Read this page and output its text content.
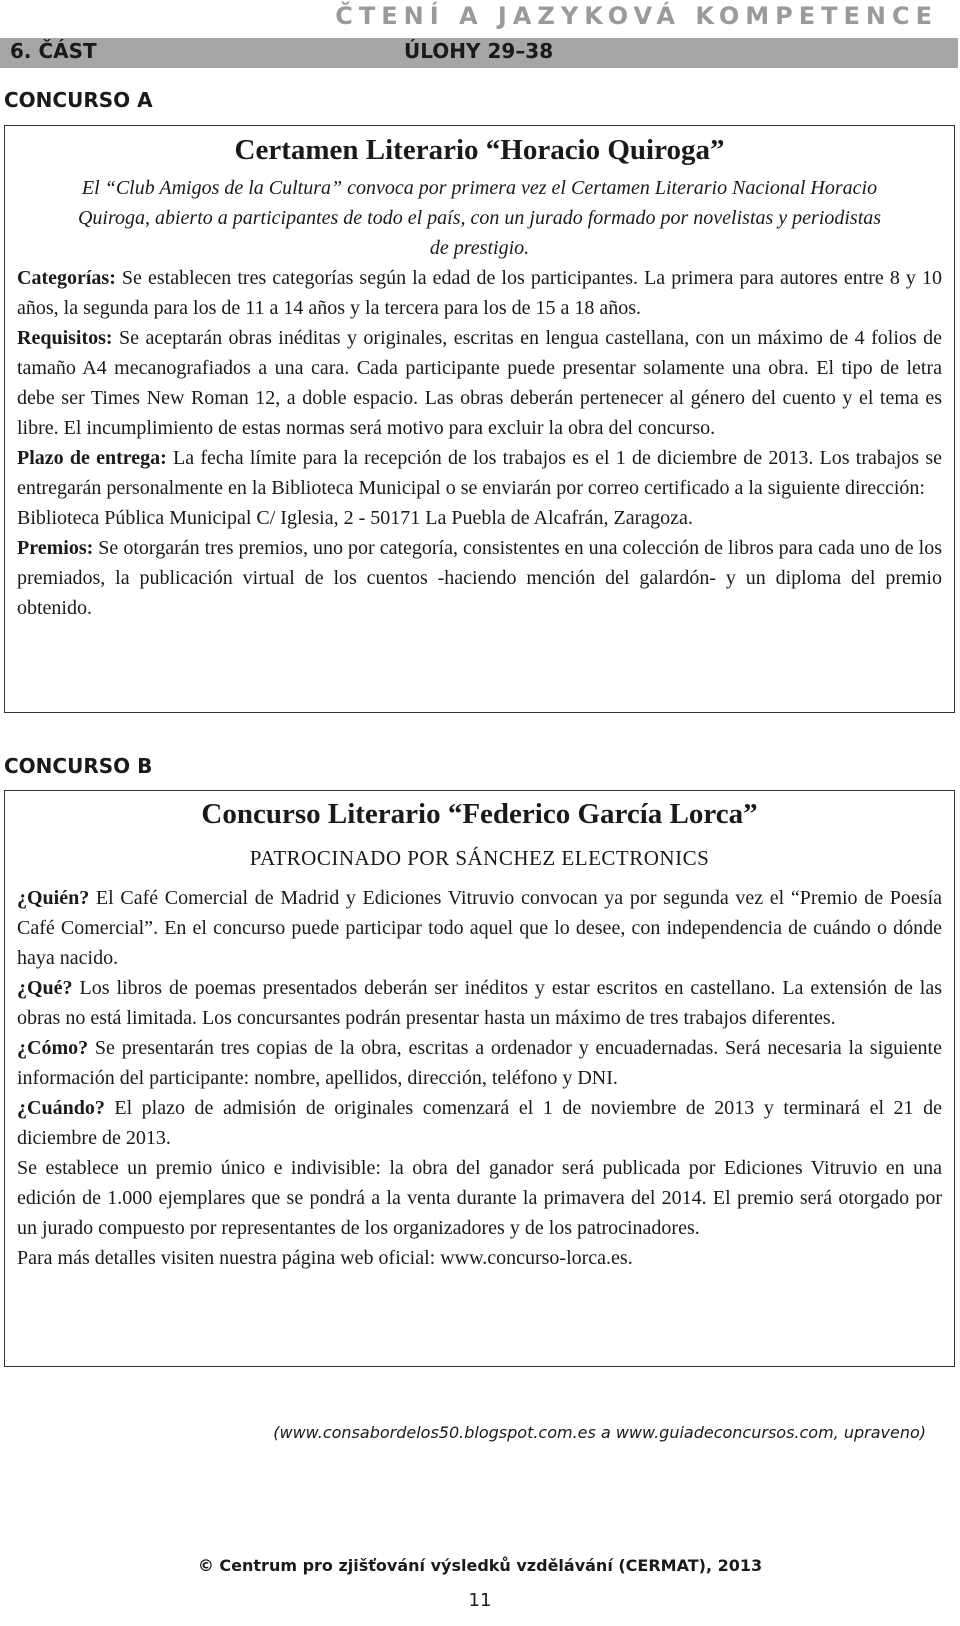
ČTENÍ A JAZYKOVÁ KOMPETENCE
6. ČÁST	ÚLOHY 29–38
CONCURSO A
Certamen Literario “Horacio Quiroga”

El “Club Amigos de la Cultura” convoca por primera vez el Certamen Literario Nacional Horacio Quiroga, abierto a participantes de todo el país, con un jurado formado por novelistas y periodistas de prestigio.

Categorías: Se establecen tres categorías según la edad de los participantes. La primera para autores entre 8 y 10 años, la segunda para los de 11 a 14 años y la tercera para los de 15 a 18 años.

Requisitos: Se aceptarán obras inéditas y originales, escritas en lengua castellana, con un máximo de 4 folios de tamaño A4 mecanografiados a una cara. Cada participante puede presentar solamente una obra. El tipo de letra debe ser Times New Roman 12, a doble espacio. Las obras deberán pertenecer al género del cuento y el tema es libre. El incumplimiento de estas normas será motivo para excluir la obra del concurso.

Plazo de entrega: La fecha límite para la recepción de los trabajos es el 1 de diciembre de 2013. Los trabajos se entregarán personalmente en la Biblioteca Municipal o se enviarán por correo certificado a la siguiente dirección:

Biblioteca Pública Municipal C/ Iglesia, 2 - 50171 La Puebla de Alcafrán, Zaragoza.

Premios: Se otorgarán tres premios, uno por categoría, consistentes en una colección de libros para cada uno de los premiados, la publicación virtual de los cuentos -haciendo mención del galardón- y un diploma del premio obtenido.

CONCURSO B
Concurso Literario “Federico García Lorca”

PATROCINADO POR SÁNCHEZ ELECTRONICS

¿Quién? El Café Comercial de Madrid y Ediciones Vitruvio convocan ya por segunda vez el “Premio de Poesía Café Comercial”. En el concurso puede participar todo aquel que lo desee, con independencia de cuándo o dónde haya nacido.

¿Qué? Los libros de poemas presentados deberán ser inéditos y estar escritos en castellano. La extensión de las obras no está limitada. Los concursantes podrán presentar hasta un máximo de tres trabajos diferentes.

¿Cómo? Se presentarán tres copias de la obra, escritas a ordenador y encuadernadas. Será necesaria la siguiente información del participante: nombre, apellidos, dirección, teléfono y DNI.

¿Cuándo? El plazo de admisión de originales comenzará el 1 de noviembre de 2013 y terminará el 21 de diciembre de 2013.

Se establece un premio único e indivisible: la obra del ganador será publicada por Ediciones Vitruvio en una edición de 1.000 ejemplares que se pondrá a la venta durante la primavera del 2014. El premio será otorgado por un jurado compuesto por representantes de los organizadores y de los patrocinadores.

Para más detalles visiten nuestra página web oficial: www.concurso-lorca.es.

(www.consabordelos50.blogspot.com.es a www.guiadeconcursos.com, upraveno)
© Centrum pro zjišťování výsledků vzdělávání (CERMAT), 2013
11
